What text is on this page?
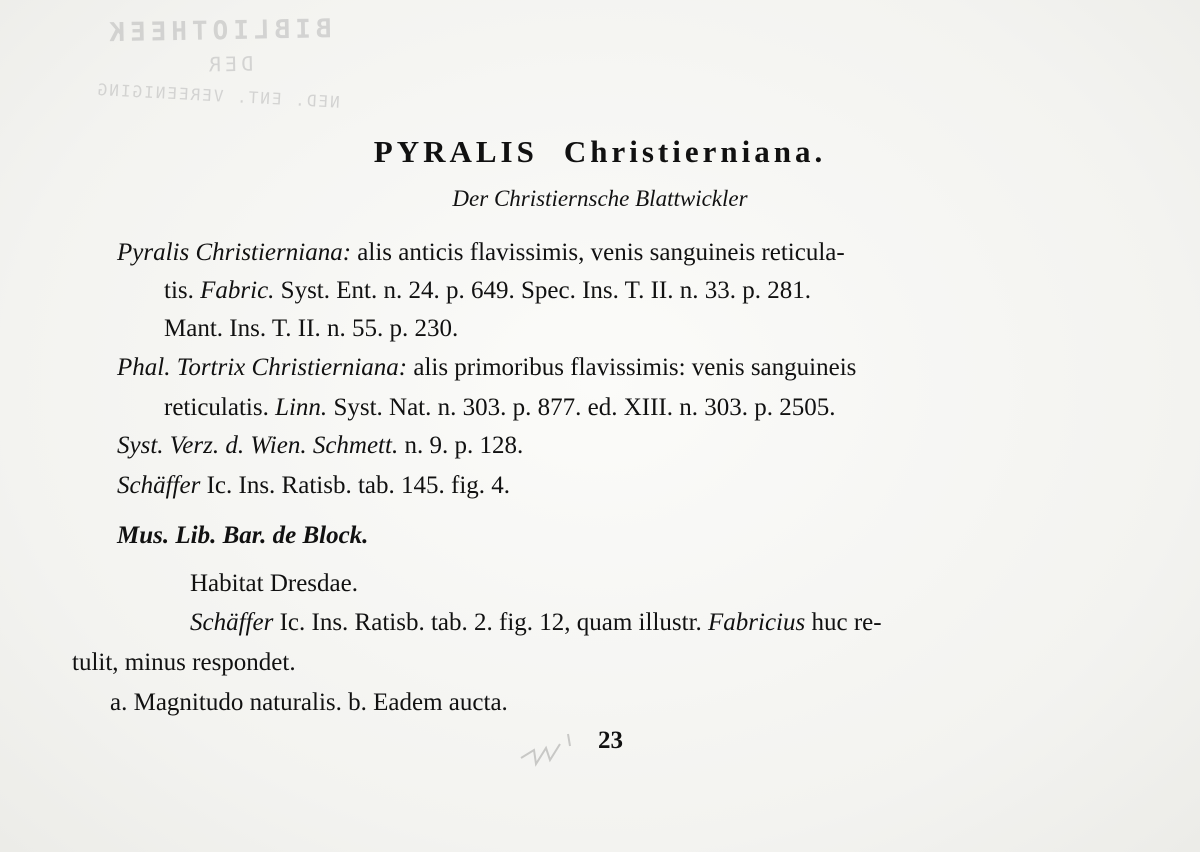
BIBLIOTHEEK
DER
NED. ENT. VEREENIGING
PYRALIS Christierniana.
Der Christiernsche Blattwickler
Pyralis Christierniana: alis anticis flavissimis, venis sanguineis reticula-
tis. Fabric. Syst. Ent. n. 24. p. 649. Spec. Ins. T. II. n. 33. p. 281.
Mant. Ins. T. II. n. 55. p. 230.
Phal. Tortrix Christierniana: alis primoribus flavissimis: venis sanguineis
reticulatis. Linn. Syst. Nat. n. 303. p. 877. ed. XIII. n. 303. p. 2505.
Syst. Verz. d. Wien. Schmett. n. 9. p. 128.
Schäffer Ic. Ins. Ratisb. tab. 145. fig. 4.
Mus. Lib. Bar. de Block.
Habitat Dresdae.
Schäffer Ic. Ins. Ratisb. tab. 2. fig. 12, quam illustr. Fabricius huc re-
tulit, minus respondet.
a. Magnitudo naturalis. b. Eadem aucta.
23
